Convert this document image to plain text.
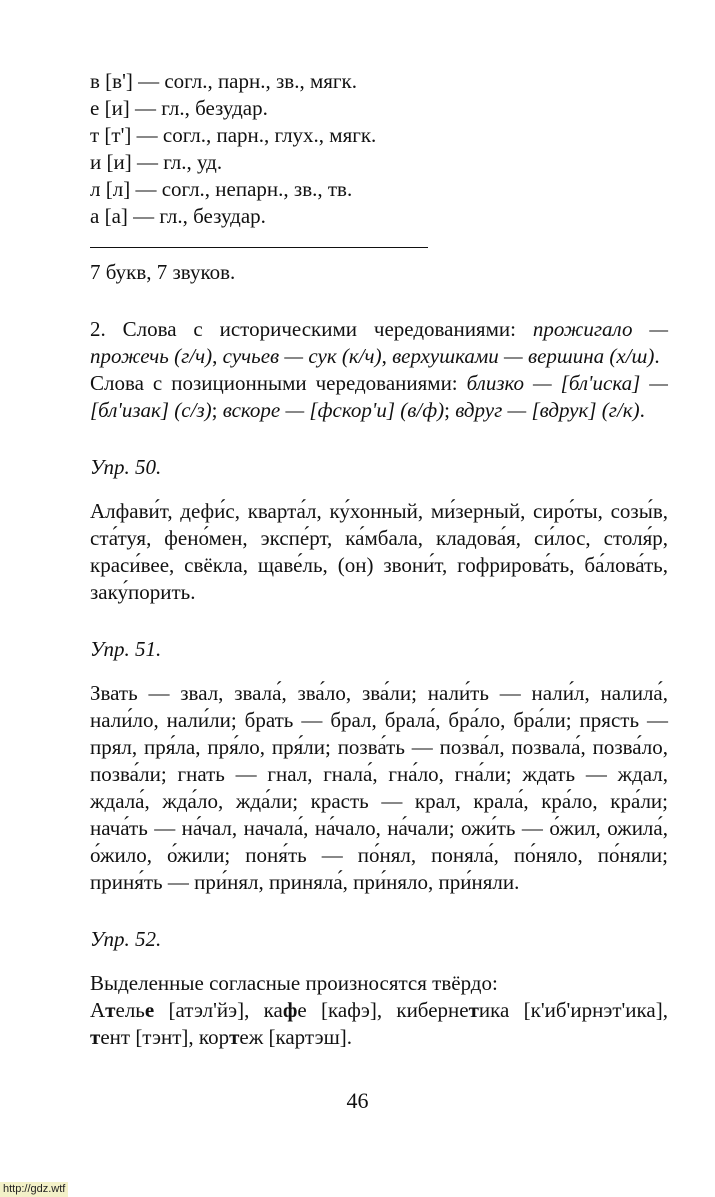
в [в'] — согл., парн., зв., мягк.

е [и] — гл., безудар.

т [т'] — согл., парн., глух., мягк.

и [и] — гл., уд.

л [л] — согл., непарн., зв., тв.

а [а] — гл., безудар.

7 букв, 7 звуков.

2. Слова с историческими чередованиями: прожигало — прожечь (г/ч), сучьев — сук (к/ч), верхушками — вершина (х/ш).

Слова с позиционными чередованиями: близко — [бл'иска] — [бл'изак] (с/з); вскоре — [фскор'и] (в/ф); вдруг — [вдрук] (г/к).

Упр. 50.

Алфави́т, дефи́с, кварта́л, ку́хонный, ми́зерный, сиро́ты, созы́в, ста́туя, фено́мен, экспе́рт, ка́мбала, кладова́я, си́лос, столя́р, краси́вее, свёкла, щаве́ль, (он) звони́т, гофрирова́ть, ба́лова́ть, заку́порить.

Упр. 51.

Звать — звал, звала́, зва́ло, зва́ли; нали́ть — нали́л, налила́, нали́ло, нали́ли; брать — брал, брала́, бра́ло, бра́ли; прясть — прял, пря́ла, пря́ло, пря́ли; позва́ть — позва́л, позвала́, позва́ло, позва́ли; гнать — гнал, гнала́, гна́ло, гна́ли; ждать — ждал, ждала́, жда́ло, жда́ли; красть — крал, крала́, кра́ло, кра́ли; нача́ть — на́чал, начала́, на́чало, на́чали; ожи́ть — о́жил, ожила́, о́жило, о́жили; поня́ть — по́нял, поняла́, по́няло, по́няли; приня́ть — при́нял, приняла́, при́няло, при́няли.

Упр. 52.

Выделенные согласные произносятся твёрдо:

Ателье [атэл'йэ], кафе [кафэ], кибернетика [к'иб'ирнэт'ика], тент [тэнт], кортеж [картэш].

46
http://gdz.wtf
